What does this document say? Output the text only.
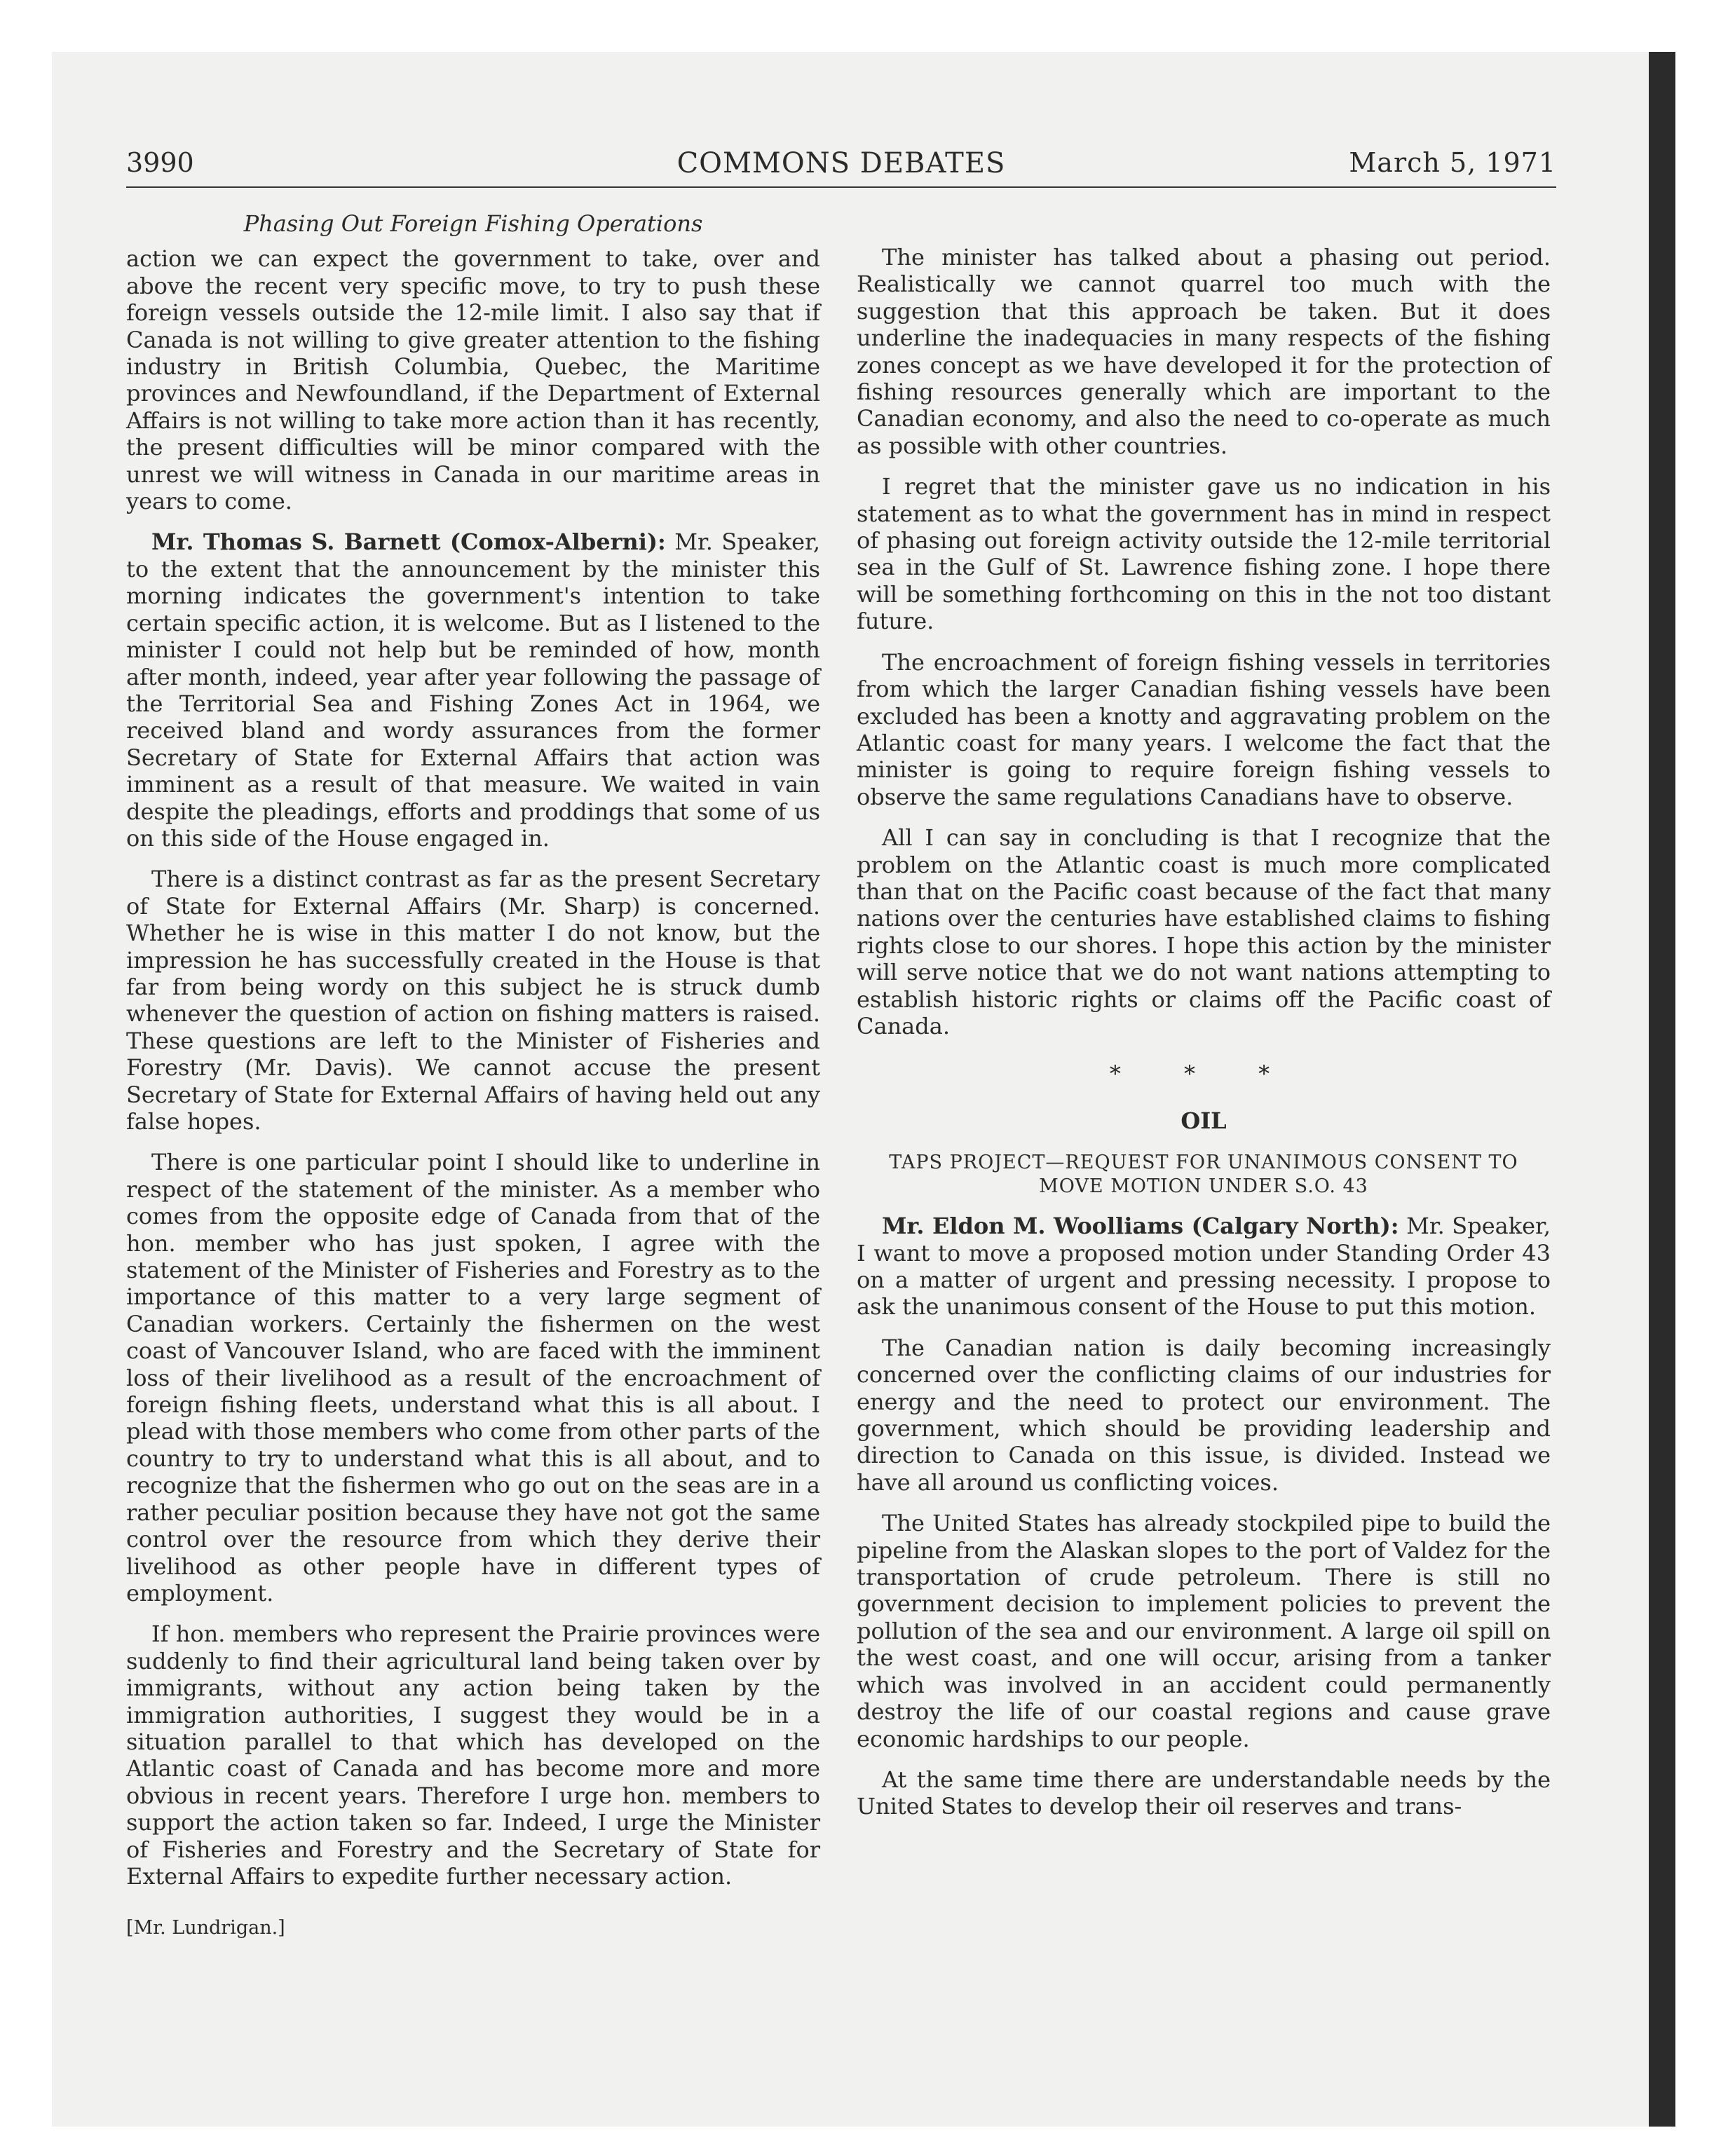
3990	COMMONS DEBATES	March 5, 1971
Phasing Out Foreign Fishing Operations

action we can expect the government to take, over and above the recent very specific move, to try to push these foreign vessels outside the 12-mile limit. I also say that if Canada is not willing to give greater attention to the fishing industry in British Columbia, Quebec, the Maritime provinces and Newfoundland, if the Department of External Affairs is not willing to take more action than it has recently, the present difficulties will be minor compared with the unrest we will witness in Canada in our maritime areas in years to come.

Mr. Thomas S. Barnett (Comox-Alberni): Mr. Speaker, to the extent that the announcement by the minister this morning indicates the government's intention to take certain specific action, it is welcome. But as I listened to the minister I could not help but be reminded of how, month after month, indeed, year after year following the passage of the Territorial Sea and Fishing Zones Act in 1964, we received bland and wordy assurances from the former Secretary of State for External Affairs that action was imminent as a result of that measure. We waited in vain despite the pleadings, efforts and proddings that some of us on this side of the House engaged in.

There is a distinct contrast as far as the present Secretary of State for External Affairs (Mr. Sharp) is concerned. Whether he is wise in this matter I do not know, but the impression he has successfully created in the House is that far from being wordy on this subject he is struck dumb whenever the question of action on fishing matters is raised. These questions are left to the Minister of Fisheries and Forestry (Mr. Davis). We cannot accuse the present Secretary of State for External Affairs of having held out any false hopes.

There is one particular point I should like to underline in respect of the statement of the minister. As a member who comes from the opposite edge of Canada from that of the hon. member who has just spoken, I agree with the statement of the Minister of Fisheries and Forestry as to the importance of this matter to a very large segment of Canadian workers. Certainly the fishermen on the west coast of Vancouver Island, who are faced with the imminent loss of their livelihood as a result of the encroachment of foreign fishing fleets, understand what this is all about. I plead with those members who come from other parts of the country to try to understand what this is all about, and to recognize that the fishermen who go out on the seas are in a rather peculiar position because they have not got the same control over the resource from which they derive their livelihood as other people have in different types of employment.

If hon. members who represent the Prairie provinces were suddenly to find their agricultural land being taken over by immigrants, without any action being taken by the immigration authorities, I suggest they would be in a situation parallel to that which has developed on the Atlantic coast of Canada and has become more and more obvious in recent years. Therefore I urge hon. members to support the action taken so far. Indeed, I urge the Minister of Fisheries and Forestry and the Secretary of State for External Affairs to expedite further necessary action.

[Mr. Lundrigan.]

The minister has talked about a phasing out period. Realistically we cannot quarrel too much with the suggestion that this approach be taken. But it does underline the inadequacies in many respects of the fishing zones concept as we have developed it for the protection of fishing resources generally which are important to the Canadian economy, and also the need to co-operate as much as possible with other countries.

I regret that the minister gave us no indication in his statement as to what the government has in mind in respect of phasing out foreign activity outside the 12-mile territorial sea in the Gulf of St. Lawrence fishing zone. I hope there will be something forthcoming on this in the not too distant future.

The encroachment of foreign fishing vessels in territories from which the larger Canadian fishing vessels have been excluded has been a knotty and aggravating problem on the Atlantic coast for many years. I welcome the fact that the minister is going to require foreign fishing vessels to observe the same regulations Canadians have to observe.

All I can say in concluding is that I recognize that the problem on the Atlantic coast is much more complicated than that on the Pacific coast because of the fact that many nations over the centuries have established claims to fishing rights close to our shores. I hope this action by the minister will serve notice that we do not want nations attempting to establish historic rights or claims off the Pacific coast of Canada.

* * *
OIL
TAPS PROJECT—REQUEST FOR UNANIMOUS CONSENT TO MOVE MOTION UNDER S.O. 43

Mr. Eldon M. Woolliams (Calgary North): Mr. Speaker, I want to move a proposed motion under Standing Order 43 on a matter of urgent and pressing necessity. I propose to ask the unanimous consent of the House to put this motion.

The Canadian nation is daily becoming increasingly concerned over the conflicting claims of our industries for energy and the need to protect our environment. The government, which should be providing leadership and direction to Canada on this issue, is divided. Instead we have all around us conflicting voices.

The United States has already stockpiled pipe to build the pipeline from the Alaskan slopes to the port of Valdez for the transportation of crude petroleum. There is still no government decision to implement policies to prevent the pollution of the sea and our environment. A large oil spill on the west coast, and one will occur, arising from a tanker which was involved in an accident could permanently destroy the life of our coastal regions and cause grave economic hardships to our people.

At the same time there are understandable needs by the United States to develop their oil reserves and trans-
